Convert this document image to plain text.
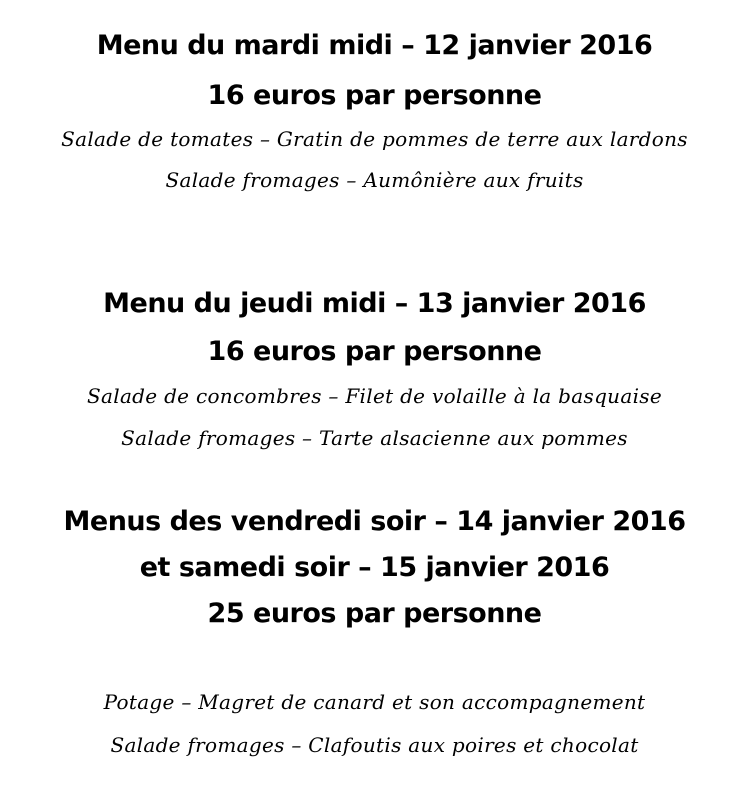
Menu du mardi midi – 12 janvier 2016
16 euros par personne
Salade de tomates – Gratin de pommes de terre aux lardons
Salade fromages – Aumônière aux fruits
Menu du jeudi midi – 13 janvier 2016
16 euros par personne
Salade de concombres – Filet de volaille à la basquaise
Salade fromages – Tarte alsacienne aux pommes
Menus des vendredi soir – 14 janvier 2016
et samedi soir – 15 janvier 2016
25 euros par personne
Potage – Magret de canard et son accompagnement
Salade fromages – Clafoutis aux poires et chocolat
